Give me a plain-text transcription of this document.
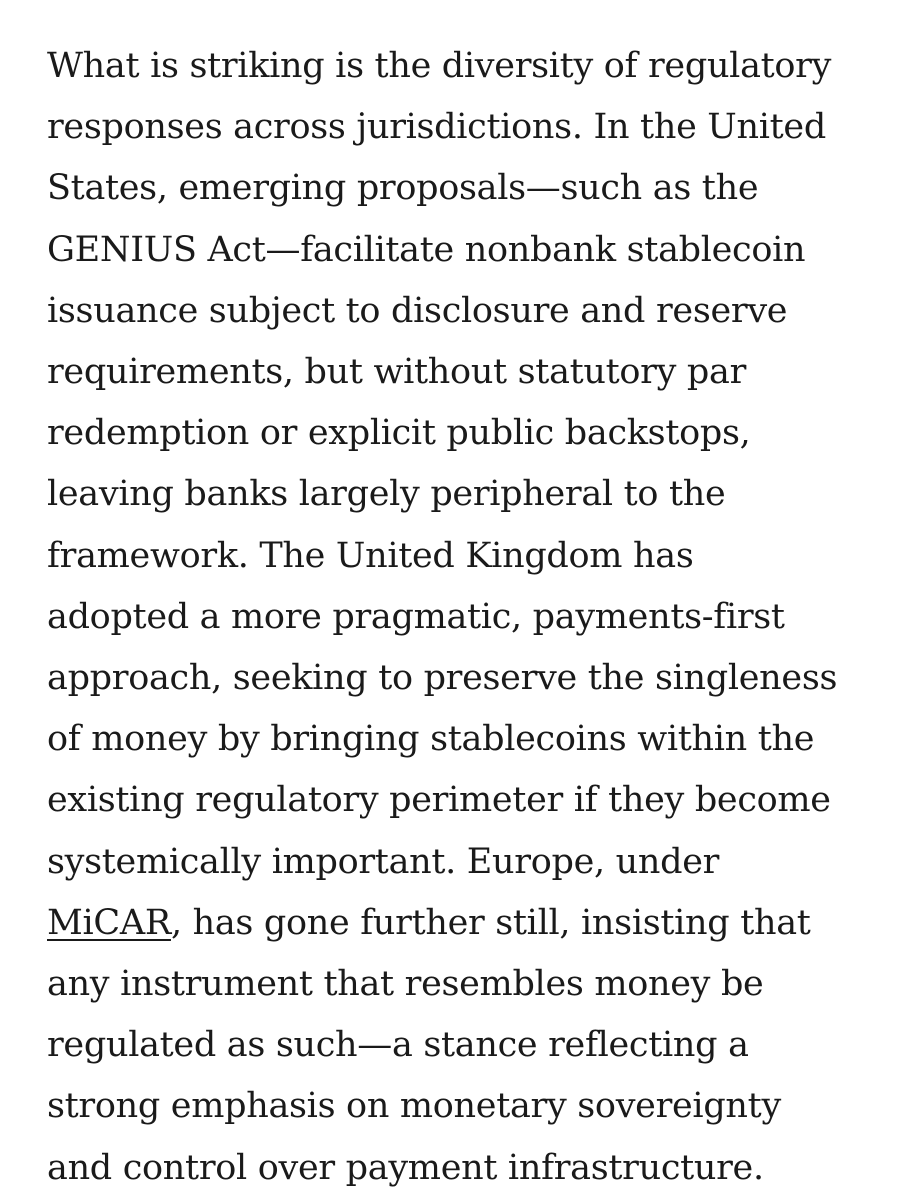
What is striking is the diversity of regulatory
responses across jurisdictions. In the United
States, emerging proposals—such as the
GENIUS Act—facilitate nonbank stablecoin
issuance subject to disclosure and reserve
requirements, but without statutory par
redemption or explicit public backstops,
leaving banks largely peripheral to the
framework. The United Kingdom has
adopted a more pragmatic, payments-first
approach, seeking to preserve the singleness
of money by bringing stablecoins within the
existing regulatory perimeter if they become
systemically important. Europe, under
MiCAR, has gone further still, insisting that
any instrument that resembles money be
regulated as such—a stance reflecting a
strong emphasis on monetary sovereignty
and control over payment infrastructure.
